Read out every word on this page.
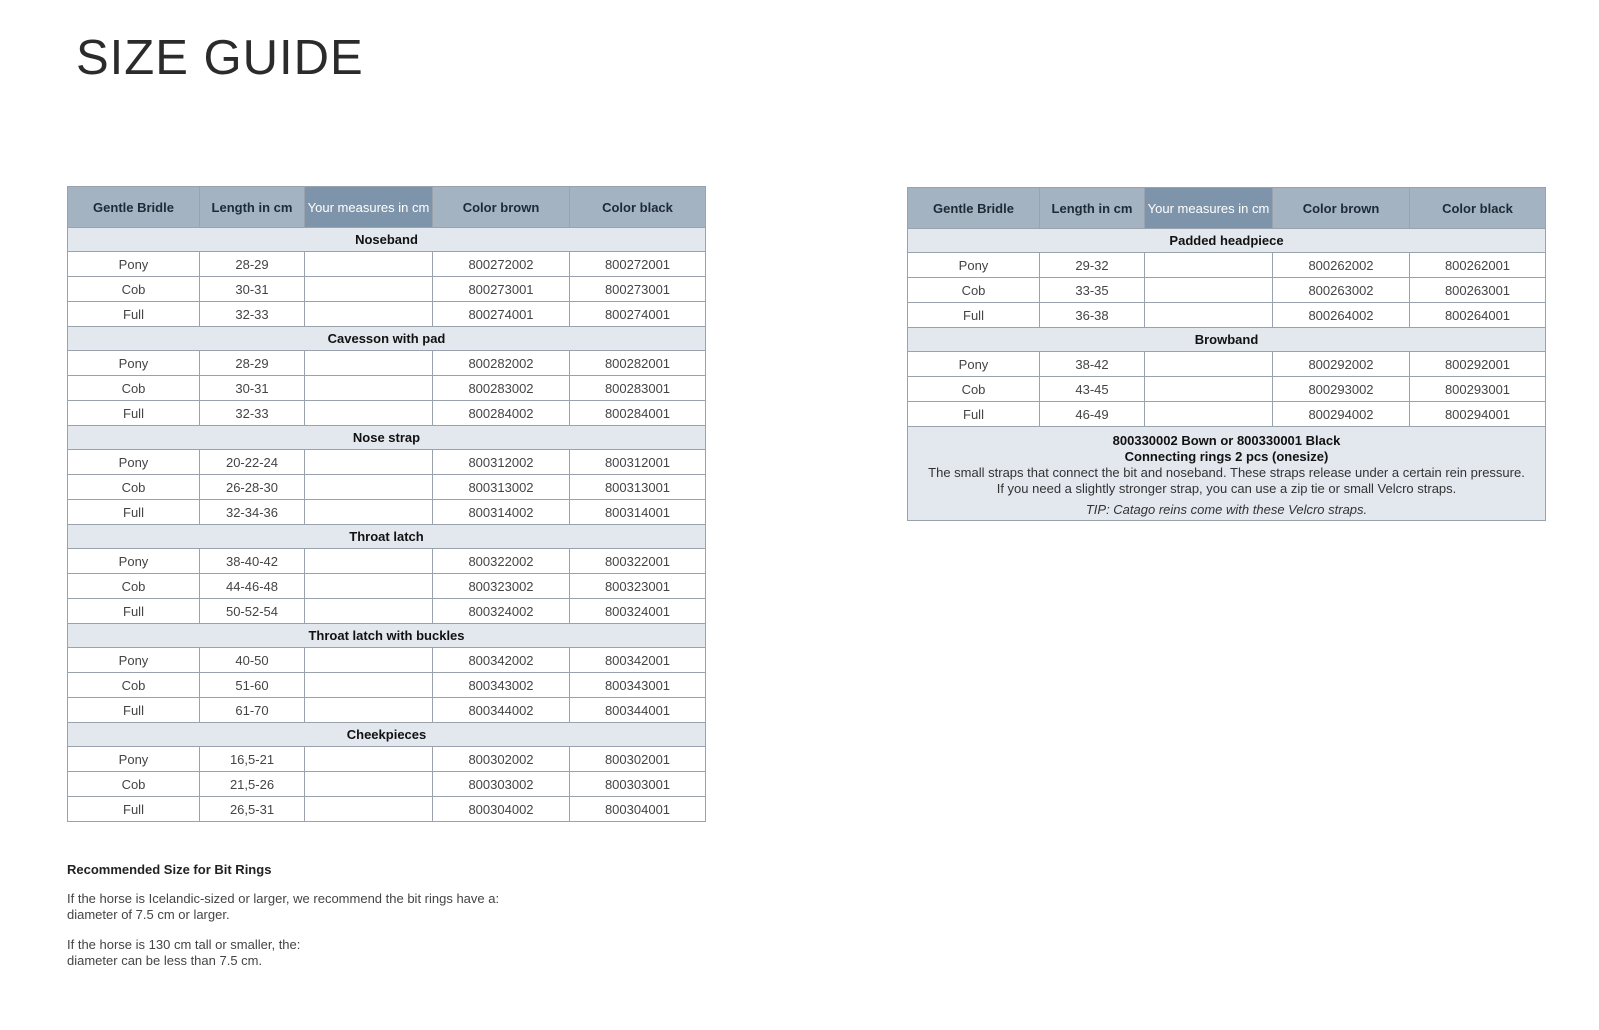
SIZE GUIDE
Gentle Bridle	Length in cm	Your measures in cm	Color brown	Color black
Noseband				
Pony	28-29		800272002	800272001
Cob	30-31		800273001	800273001
Full	32-33		800274001	800274001
Cavesson with pad				
Pony	28-29		800282002	800282001
Cob	30-31		800283002	800283001
Full	32-33		800284002	800284001
Nose strap				
Pony	20-22-24		800312002	800312001
Cob	26-28-30		800313002	800313001
Full	32-34-36		800314002	800314001
Throat latch				
Pony	38-40-42		800322002	800322001
Cob	44-46-48		800323002	800323001
Full	50-52-54		800324002	800324001
Throat latch with buckles				
Pony	40-50		800342002	800342001
Cob	51-60		800343002	800343001
Full	61-70		800344002	800344001
Cheekpieces				
Pony	16,5-21		800302002	800302001
Cob	21,5-26		800303002	800303001
Full	26,5-31		800304002	800304001
Gentle Bridle	Length in cm	Your measures in cm	Color brown	Color black
Padded headpiece				
Pony	29-32		800262002	800262001
Cob	33-35		800263002	800263001
Full	36-38		800264002	800264001
Browband				
Pony	38-42		800292002	800292001
Cob	43-45		800293002	800293001
Full	46-49		800294002	800294001

800330002 Bown or 800330001 Black
Connecting rings 2 pcs (onesize)
The small straps that connect the bit and noseband. These straps release under a certain rein pressure.
If you need a slightly stronger strap, you can use a zip tie or small Velcro straps.
TIP: Catago reins come with these Velcro straps.				
Recommended Size for Bit Rings

If the horse is Icelandic-sized or larger, we recommend the bit rings have a:
diameter of 7.5 cm or larger.

If the horse is 130 cm tall or smaller, the:
diameter can be less than 7.5 cm.
